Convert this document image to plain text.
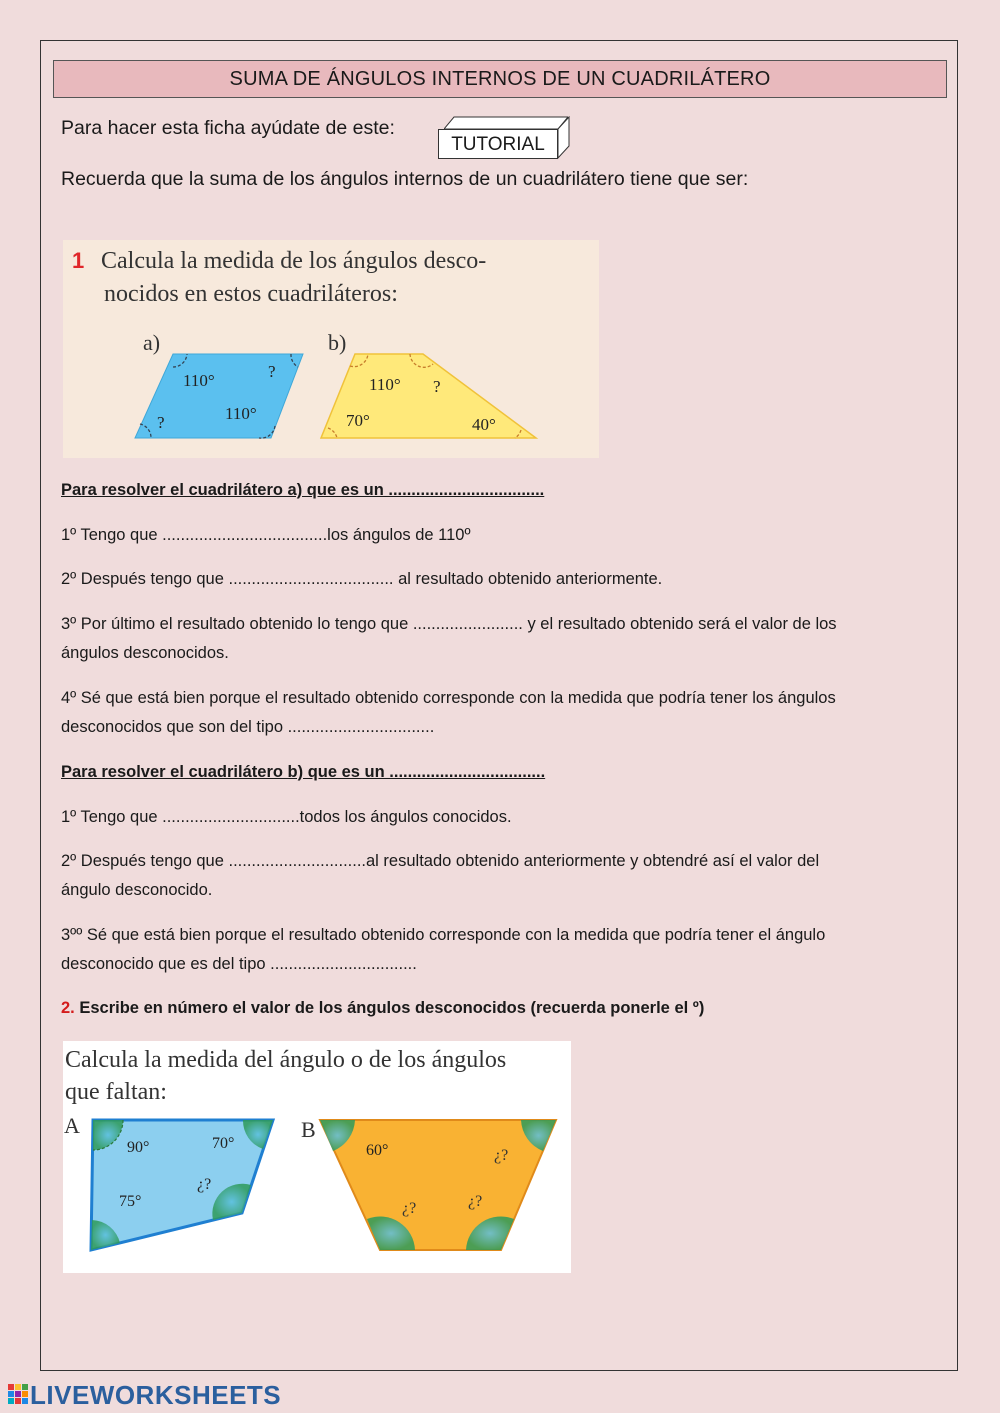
SUMA DE ÁNGULOS INTERNOS DE UN CUADRILÁTERO
Para hacer esta ficha ayúdate de este:
TUTORIAL
Recuerda que la suma de los ángulos internos de un cuadrilátero tiene que ser:
1 Calcula la medida de los ángulos desco-
nocidos en estos cuadriláteros:
a)
110°	?
?	110°
b)
110° ?
70°	40°
Para resolver el cuadrilátero a) que es un ..................................
1º Tengo que ....................................los ángulos de 110º
2º Después tengo que .................................... al resultado obtenido anteriormente.
3º Por último el resultado obtenido lo tengo que ........................ y el resultado obtenido será el valor de los
ángulos desconocidos.
4º Sé que está bien porque el resultado obtenido corresponde con la medida que podría tener los ángulos
desconocidos que son del tipo ................................
Para resolver el cuadrilátero b) que es un ..................................
1º Tengo que ..............................todos los ángulos conocidos.
2º Después tengo que ..............................al resultado obtenido anteriormente y obtendré así el valor del
ángulo desconocido.
3ºº Sé que está bien porque el resultado obtenido corresponde con la medida que podría tener el ángulo
desconocido que es del tipo ................................
2. Escribe en número el valor de los ángulos desconocidos (recuerda ponerle el º)
Calcula la medida del ángulo o de los ángulos
que faltan:
A
90°	70°
75°
¿?
B
60°	¿?
¿?	¿?
LIVEWORKSHEETS
